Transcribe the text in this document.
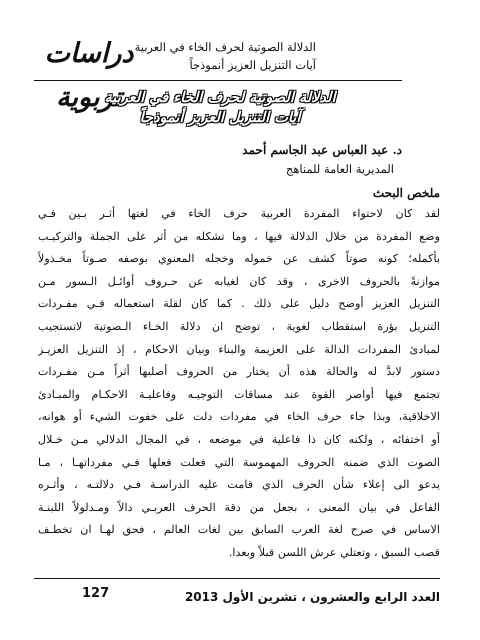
دراسات تربوية
الدلالة الصوتية لحرف الخاء في العربية
آيات التنزيل العزيز أنموذجاً
الدلالة الصوتية لحرف الخاء في العربية
آيات التنزيل العزيز أنموذجاً
د. عبد العباس عبد الجاسم أحمد
المديرية العامة للمناهج
ملخص البحث
لقد كان لاحتواء المفردة العربية حرف الخاء في لغتها أثـر بـين فـي
وضع المفردة من خلال الدلالة فيها ، وما تشكله من أثر على الجملة والتركيـب
بأكمله؛ كونه صوتاً كشف عن خموله وخجله المعنوي بوصفه صـوتاً مخـذولاً
موازنةً بالحروف الاخرى ، وقد كان لغيابه عن حـروف أوائـل الـسور مـن
التنزيل العزيز أوضح دليل على ذلك . كما كان لقلة استعماله فـي مفـردات
التنزيل بؤرة استقطاب لغوية ، توضح ان دلالة الخـاء الـصوتية لاتستجيب
لمبادئ المفردات الدالة على العزيمة والبناء وبيان الاحكام ، إذ التنزيل العزيـز
دستور لابدَّ له والحالة هذه أن يختار من الحروف أصلبها أثراً مـن مفـردات
تجتمع فيها أواصر القوة عند مساقات التوجيـه وفاعليـة الاحكـام والمبـادئ
الاخلاقية، وبذا جاء حرف الخاء في مفردات دلت على خفوت الشيء أو هوانه،
أو اختفائه ، ولكنه كان ذا فاعلية في موضعه ، في المجال الدلالي مـن خـلال
الصوت الذي ضمنه الحروف المهموسة التي فعلت فعلها فـي مفرداتهـا ، مـا
يدعو الى إعلاء شأن الحرف الذي قامت عليه الدراسـة فـي دلالتـه ، وأثـره
الفاعل في بيان المعنى ، بجعل من دقة الحرف العربـي دالاً ومـدلولاً اللبنـة
الاساس في صرح لغة العرب السابق بين لغات العالم ، فحق لهـا ان تخطـف
قصب السبق ، وتعتلي عرش اللسن قبلاً وبعدا.
127	العدد الرابع والعشرون ، تشرين الأول 2013
